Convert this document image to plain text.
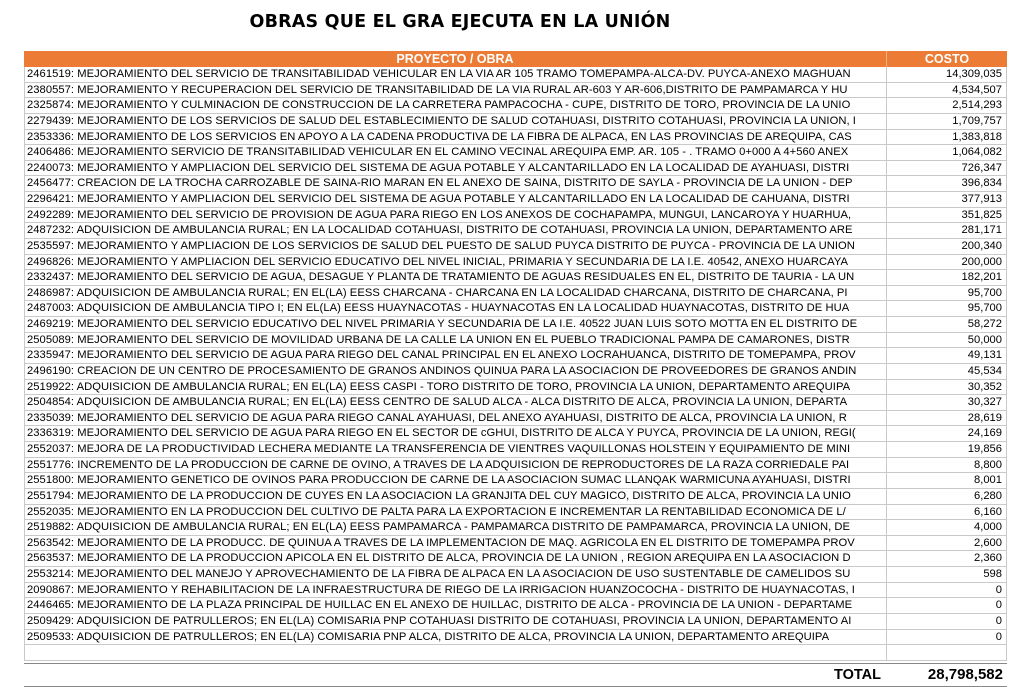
OBRAS QUE EL GRA EJECUTA EN LA UNIÓN
PROYECTO / OBRA	COSTO
2461519: MEJORAMIENTO DEL SERVICIO DE TRANSITABILIDAD VEHICULAR EN LA VIA AR 105 TRAMO TOMEPAMPA-ALCA-DV. PUYCA-ANEXO MAGHUAN	14,309,035
2380557: MEJORAMIENTO Y RECUPERACION DEL SERVICIO DE TRANSITABILIDAD DE LA VIA RURAL AR-603 Y AR-606,DISTRITO DE PAMPAMARCA Y HU	4,534,507
2325874: MEJORAMIENTO Y CULMINACION DE CONSTRUCCION DE LA CARRETERA PAMPACOCHA - CUPE, DISTRITO DE TORO, PROVINCIA DE LA UNIO	2,514,293
2279439: MEJORAMIENTO DE LOS SERVICIOS DE SALUD DEL ESTABLECIMIENTO DE SALUD COTAHUASI, DISTRITO COTAHUASI, PROVINCIA LA UNION, I	1,709,757
2353336: MEJORAMIENTO DE LOS SERVICIOS EN APOYO A LA CADENA PRODUCTIVA DE LA FIBRA DE ALPACA, EN LAS PROVINCIAS DE AREQUIPA, CAS	1,383,818
2406486: MEJORAMIENTO SERVICIO DE TRANSITABILIDAD VEHICULAR EN EL CAMINO VECINAL AREQUIPA EMP. AR. 105 - . TRAMO 0+000 A 4+560 ANEX	1,064,082
2240073: MEJORAMIENTO Y AMPLIACION DEL SERVICIO DEL SISTEMA DE AGUA POTABLE Y ALCANTARILLADO EN LA LOCALIDAD DE AYAHUASI, DISTRI	726,347
2456477: CREACION DE LA TROCHA CARROZABLE DE SAINA-RIO MARAN EN EL ANEXO DE SAINA, DISTRITO DE SAYLA - PROVINCIA DE LA UNION - DEP	396,834
2296421: MEJORAMIENTO Y AMPLIACION DEL SERVICIO DEL SISTEMA DE AGUA POTABLE Y ALCANTARILLADO EN LA LOCALIDAD DE CAHUANA, DISTRI	377,913
2492289: MEJORAMIENTO DEL SERVICIO DE PROVISION DE AGUA PARA RIEGO EN LOS ANEXOS DE COCHAPAMPA, MUNGUI, LANCAROYA Y HUARHUA,	351,825
2487232: ADQUISICION DE AMBULANCIA RURAL; EN LA LOCALIDAD COTAHUASI, DISTRITO DE COTAHUASI, PROVINCIA LA UNION, DEPARTAMENTO ARE	281,171
2535597: MEJORAMIENTO Y AMPLIACION DE LOS SERVICIOS DE SALUD DEL PUESTO DE SALUD PUYCA DISTRITO DE PUYCA - PROVINCIA DE LA UNION	200,340
2496826: MEJORAMIENTO Y AMPLIACION DEL SERVICIO EDUCATIVO DEL NIVEL INICIAL, PRIMARIA Y SECUNDARIA DE LA I.E. 40542, ANEXO HUARCAYA	200,000
2332437: MEJORAMIENTO DEL SERVICIO DE AGUA, DESAGUE Y PLANTA DE TRATAMIENTO DE AGUAS RESIDUALES EN EL, DISTRITO DE TAURIA - LA UN	182,201
2486987: ADQUISICION DE AMBULANCIA RURAL; EN EL(LA) EESS CHARCANA - CHARCANA EN LA LOCALIDAD CHARCANA, DISTRITO DE CHARCANA, PI	95,700
2487003: ADQUISICION DE AMBULANCIA TIPO I; EN EL(LA) EESS HUAYNACOTAS - HUAYNACOTAS EN LA LOCALIDAD HUAYNACOTAS, DISTRITO DE HUA	95,700
2469219: MEJORAMIENTO DEL SERVICIO EDUCATIVO DEL NIVEL PRIMARIA Y SECUNDARIA DE LA I.E. 40522 JUAN LUIS SOTO MOTTA EN EL DISTRITO DE	58,272
2505089: MEJORAMIENTO DEL SERVICIO DE MOVILIDAD URBANA DE LA CALLE LA UNION EN EL PUEBLO TRADICIONAL PAMPA DE CAMARONES, DISTR	50,000
2335947: MEJORAMIENTO DEL SERVICIO DE AGUA PARA RIEGO DEL CANAL PRINCIPAL EN EL ANEXO LOCRAHUANCA, DISTRITO DE TOMEPAMPA, PROV	49,131
2496190: CREACION DE UN CENTRO DE PROCESAMIENTO DE GRANOS ANDINOS QUINUA PARA LA ASOCIACION DE PROVEEDORES DE GRANOS ANDIN	45,534
2519922: ADQUISICION DE AMBULANCIA RURAL; EN EL(LA) EESS CASPI - TORO DISTRITO DE TORO, PROVINCIA LA UNION, DEPARTAMENTO AREQUIPA	30,352
2504854: ADQUISICION DE AMBULANCIA RURAL; EN EL(LA) EESS CENTRO DE SALUD ALCA - ALCA DISTRITO DE ALCA, PROVINCIA LA UNION, DEPARTA	30,327
2335039: MEJORAMIENTO DEL SERVICIO DE AGUA PARA RIEGO CANAL AYAHUASI, DEL ANEXO AYAHUASI, DISTRITO DE ALCA, PROVINCIA LA UNION, R	28,619
2336319: MEJORAMIENTO DEL SERVICIO DE AGUA PARA RIEGO EN EL SECTOR DE cGHUI, DISTRITO DE ALCA Y PUYCA, PROVINCIA DE LA UNION, REGI(	24,169
2552037: MEJORA DE LA PRODUCTIVIDAD LECHERA MEDIANTE LA TRANSFERENCIA DE VIENTRES VAQUILLONAS HOLSTEIN Y EQUIPAMIENTO DE MINI	19,856
2551776: INCREMENTO DE LA PRODUCCION DE CARNE DE OVINO, A TRAVES DE LA ADQUISICION DE REPRODUCTORES DE LA RAZA CORRIEDALE PAI	8,800
2551800: MEJORAMIENTO GENETICO DE OVINOS PARA PRODUCCION DE CARNE DE LA ASOCIACION SUMAC LLANQAK WARMICUNA AYAHUASI, DISTRI	8,001
2551794: MEJORAMIENTO DE LA PRODUCCION DE CUYES EN LA ASOCIACION LA GRANJITA DEL CUY MAGICO, DISTRITO DE ALCA, PROVINCIA LA UNIO	6,280
2552035: MEJORAMIENTO EN LA PRODUCCION DEL CULTIVO DE PALTA PARA LA EXPORTACION E INCREMENTAR LA RENTABILIDAD ECONOMICA DE L/	6,160
2519882: ADQUISICION DE AMBULANCIA RURAL; EN EL(LA) EESS PAMPAMARCA - PAMPAMARCA DISTRITO DE PAMPAMARCA, PROVINCIA LA UNION, DE	4,000
2563542: MEJORAMIENTO DE LA PRODUCC. DE QUINUA A TRAVES DE LA IMPLEMENTACION DE MAQ. AGRICOLA EN EL DISTRITO DE TOMEPAMPA PROV	2,600
2563537: MEJORAMIENTO DE LA PRODUCCION APICOLA EN EL DISTRITO DE ALCA, PROVINCIA DE LA UNION , REGION AREQUIPA EN LA ASOCIACION D	2,360
2553214: MEJORAMIENTO DEL MANEJO Y APROVECHAMIENTO DE LA FIBRA DE ALPACA EN LA ASOCIACION DE USO SUSTENTABLE DE CAMELIDOS SU	598
2090867: MEJORAMIENTO Y REHABILITACION DE LA INFRAESTRUCTURA DE RIEGO DE LA IRRIGACION HUANZOCOCHA - DISTRITO DE HUAYNACOTAS, I	0
2446465: MEJORAMIENTO DE LA PLAZA PRINCIPAL DE HUILLAC EN EL ANEXO DE HUILLAC, DISTRITO DE ALCA - PROVINCIA DE LA UNION - DEPARTAME	0
2509429: ADQUISICION DE PATRULLEROS; EN EL(LA) COMISARIA PNP COTAHUASI DISTRITO DE COTAHUASI, PROVINCIA LA UNION, DEPARTAMENTO AI	0
2509533: ADQUISICION DE PATRULLEROS; EN EL(LA) COMISARIA PNP ALCA, DISTRITO DE ALCA, PROVINCIA LA UNION, DEPARTAMENTO AREQUIPA	0
TOTAL	28,798,582
